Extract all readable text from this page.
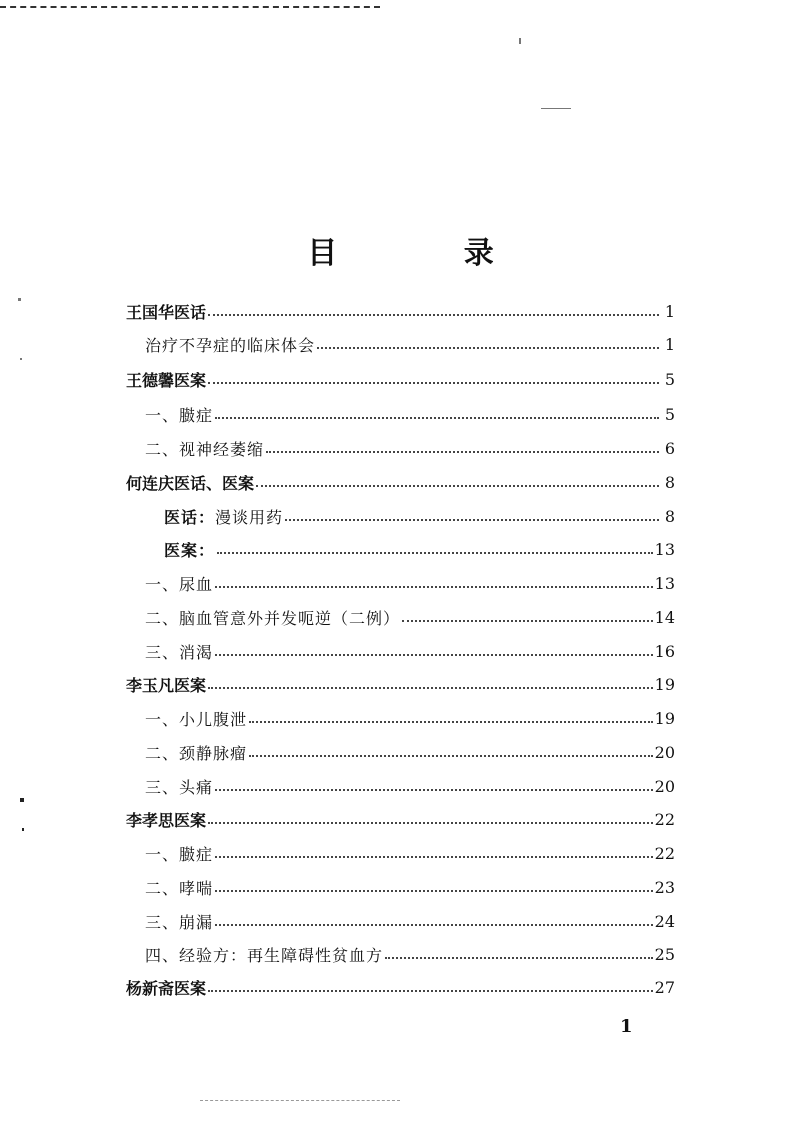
目 录
王国华医话	1
治疗不孕症的临床体会	1
王德馨医案	5
一、臌症	5
二、视神经萎缩	6
何连庆医话、医案	8
医话：漫谈用药	8
医案：	13
一、尿血	13
二、脑血管意外并发呃逆（二例）	14
三、消渴	16
李玉凡医案	19
一、小儿腹泄	19
二、颈静脉瘤	20
三、头痛	20
李孝思医案	22
一、臌症	22
二、哮喘	23
三、崩漏	24
四、经验方：再生障碍性贫血方	25
杨新斋医案	27
1
